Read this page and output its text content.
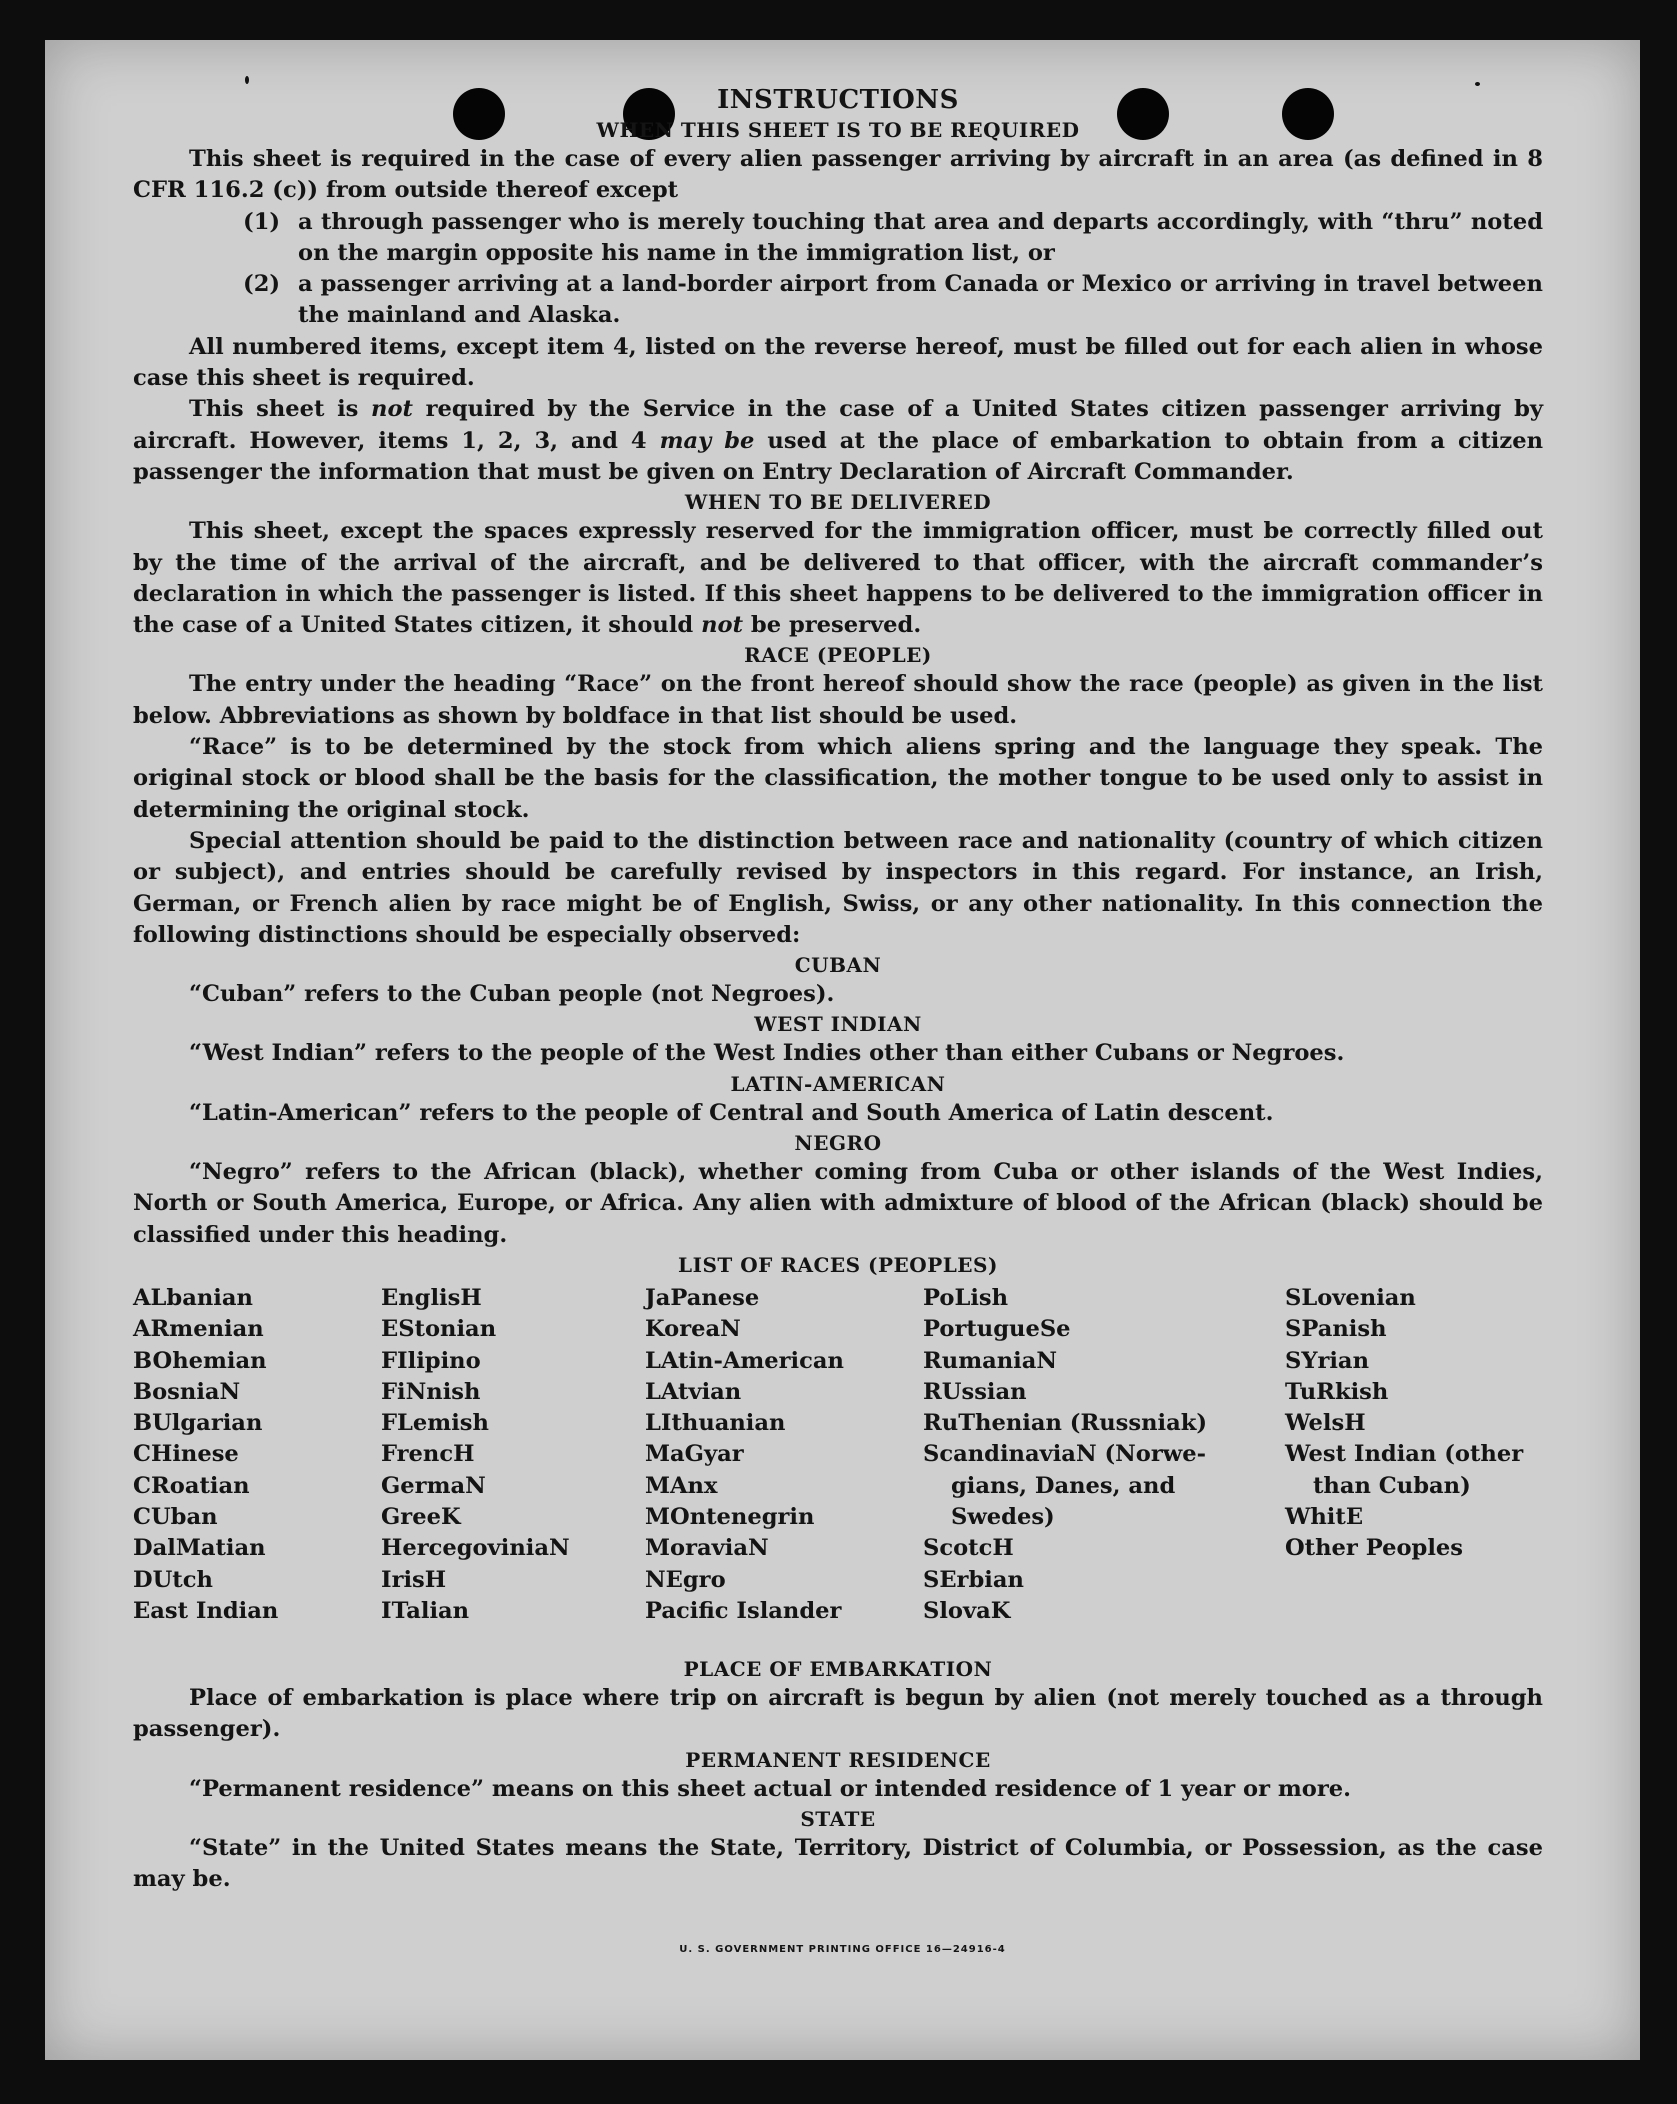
INSTRUCTIONS
WHEN THIS SHEET IS TO BE REQUIRED

This sheet is required in the case of every alien passenger arriving by aircraft in an area (as defined in 8 CFR 116.2 (c)) from outside thereof except

(1) a through passenger who is merely touching that area and departs accordingly, with “thru” noted on the margin opposite his name in the immigration list, or
(2) a passenger arriving at a land-border airport from Canada or Mexico or arriving in travel between the mainland and Alaska.

All numbered items, except item 4, listed on the reverse hereof, must be filled out for each alien in whose case this sheet is required.

This sheet is not required by the Service in the case of a United States citizen passenger arriving by aircraft. However, items 1, 2, 3, and 4 may be used at the place of embarkation to obtain from a citizen passenger the information that must be given on Entry Declaration of Aircraft Commander.

WHEN TO BE DELIVERED

This sheet, except the spaces expressly reserved for the immigration officer, must be correctly filled out by the time of the arrival of the aircraft, and be delivered to that officer, with the aircraft commander’s declaration in which the passenger is listed. If this sheet happens to be delivered to the immigration officer in the case of a United States citizen, it should not be preserved.

RACE (PEOPLE)

The entry under the heading “Race” on the front hereof should show the race (people) as given in the list below. Abbreviations as shown by boldface in that list should be used.

“Race” is to be determined by the stock from which aliens spring and the language they speak. The original stock or blood shall be the basis for the classification, the mother tongue to be used only to assist in determining the original stock.

Special attention should be paid to the distinction between race and nationality (country of which citizen or subject), and entries should be carefully revised by inspectors in this regard. For instance, an Irish, German, or French alien by race might be of English, Swiss, or any other nationality. In this connection the following distinctions should be especially observed:

CUBAN

“Cuban” refers to the Cuban people (not Negroes).

WEST INDIAN

“West Indian” refers to the people of the West Indies other than either Cubans or Negroes.

LATIN-AMERICAN

“Latin-American” refers to the people of Central and South America of Latin descent.

NEGRO

“Negro” refers to the African (black), whether coming from Cuba or other islands of the West Indies, North or South America, Europe, or Africa. Any alien with admixture of blood of the African (black) should be classified under this heading.

LIST OF RACES (PEOPLES)
ALbanian
ARmenian
BOhemian
BosniaN
BUlgarian
CHinese
CRoatian
CUban
DalMatian
DUtch
East Indian
EnglisH
EStonian
FIlipino
FiNnish
FLemish
FrencH
GermaN
GreeK
HercegoviniaN
IrisH
ITalian
JaPanese
KoreaN
LAtin-American
LAtvian
LIthuanian
MaGyar
MAnx
MOntenegrin
MoraviaN
NEgro
Pacific Islander
PoLish
PortugueSe
RumaniaN
RUssian
RuThenian (Russniak)
ScandinaviaN (Norwe-
gians, Danes, and
Swedes)
ScotcH
SErbian
SlovaK
SLovenian
SPanish
SYrian
TuRkish
WelsH
West Indian (other
than Cuban)
WhitE
Other Peoples
PLACE OF EMBARKATION

Place of embarkation is place where trip on aircraft is begun by alien (not merely touched as a through passenger).

PERMANENT RESIDENCE

“Permanent residence” means on this sheet actual or intended residence of 1 year or more.

STATE

“State” in the United States means the State, Territory, District of Columbia, or Possession, as the case may be.

U. S. GOVERNMENT PRINTING OFFICE 16—24916-4
